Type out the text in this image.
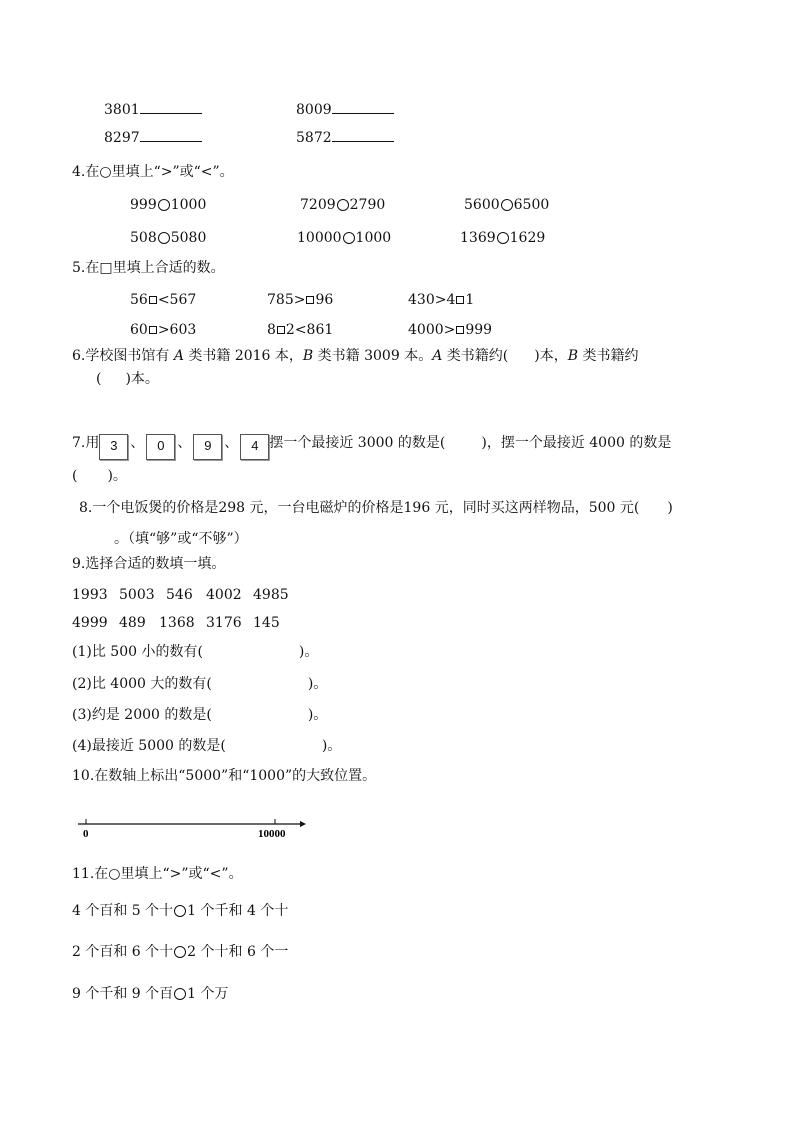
3801	8009
8297	5872
4.在○里填上“>”或“<”。
999 1000	7209 2790	5600 6500
508 5080	10000 1000	1369 1629
5.在□里填上合适的数。
56 <567	785> 96	430>4 1
60 >603	8 2<861	4000> 999
6.学校图书馆有 A 类书籍 2016 本，B 类书籍 3009 本。A 类书籍约( )本，B 类书籍约
( )本。
7.用 3 、 0 、 9 、 4 摆一个最接近 3000 的数是(	)，摆一个最接近 4000 的数是
( )。
8.一个电饭煲的价格是298 元，一台电磁炉的价格是196 元，同时买这两样物品，500 元( )
。（填“够”或“不够”）
9.选择合适的数填一填。
1993 5003 546 4002 4985
4999 489 1368 3176 145
(1)比 500 小的数有(	)。
(2)比 4000 大的数有(	)。
(3)约是 2000 的数是(	)。
(4)最接近 5000 的数是(	)。
10.在数轴上标出“5000”和“1000”的大致位置。
0	10000
11.在○里填上“>”或“<”。
4 个百和 5 个十 1 个千和 4 个十
2 个百和 6 个十 2 个十和 6 个一
9 个千和 9 个百 1 个万
